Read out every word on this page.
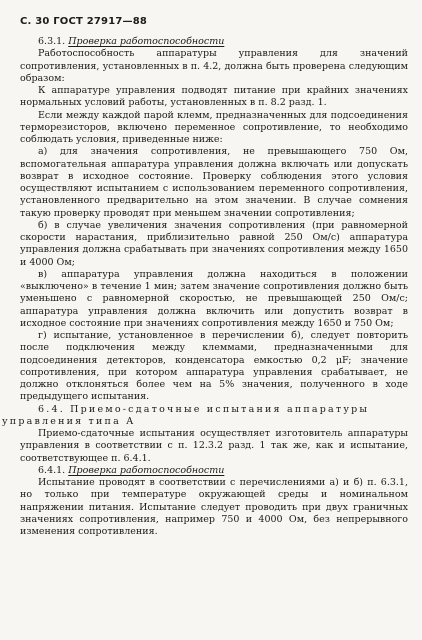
С. 30 ГОСТ 27917—88

6.3.1. Проверка работоспособности

Работоспособность аппаратуры управления для значений сопротивления, установленных в п. 4.2, должна быть проверена следующим образом:

К аппаратуре управления подводят питание при крайних значениях нормальных условий работы, установленных в п. 8.2 разд. 1.

Если между каждой парой клемм, предназначенных для подсоединения терморезисторов, включено переменное сопротивление, то необходимо соблюдать условия, приведенные ниже:

а) для значения сопротивления, не превышающего 750 Ом, вспомогательная аппаратура управления должна включать или допускать возврат в исходное состояние. Проверку соблюдения этого условия осуществляют испытанием с использованием переменного сопротивления, установленного предварительно на этом значении. В случае сомнения такую проверку проводят при меньшем значении сопротивления;

б) в случае увеличения значения сопротивления (при равномерной скорости нарастания, приблизительно равной 250 Ом/с) аппаратура управления должна срабатывать при значениях сопротивления между 1650 и 4000 Ом;

в) аппаратура управления должна находиться в положении «выключено» в течение 1 мин; затем значение сопротивления должно быть уменьшено с равномерной скоростью, не превышающей 250 Ом/с; аппаратура управления должна включить или допустить возврат в исходное состояние при значениях сопротивления между 1650 и 750 Ом;

г) испытание, установленное в перечислении б), следует повторить после подключения между клеммами, предназначенными для подсоединения детекторов, конденсатора емкостью 0,2 μF; значение сопротивления, при котором аппаратура управления срабатывает, не должно отклоняться более чем на 5% значения, полученного в ходе предыдущего испытания.

6.4. Приемо-сдаточные испытания аппаратуры
управления типа А

Приемо-сдаточные испытания осуществляет изготовитель аппаратуры управления в соответствии с п. 12.3.2 разд. 1 так же, как и испытание, соответствующее п. 6.4.1.

6.4.1. Проверка работоспособности

Испытание проводят в соответствии с перечислениями а) и б) п. 6.3.1, но только при температуре окружающей среды и номинальном напряжении питания. Испытание следует проводить при двух граничных значениях сопротивления, например 750 и 4000 Ом, без непрерывного изменения сопротивления.
